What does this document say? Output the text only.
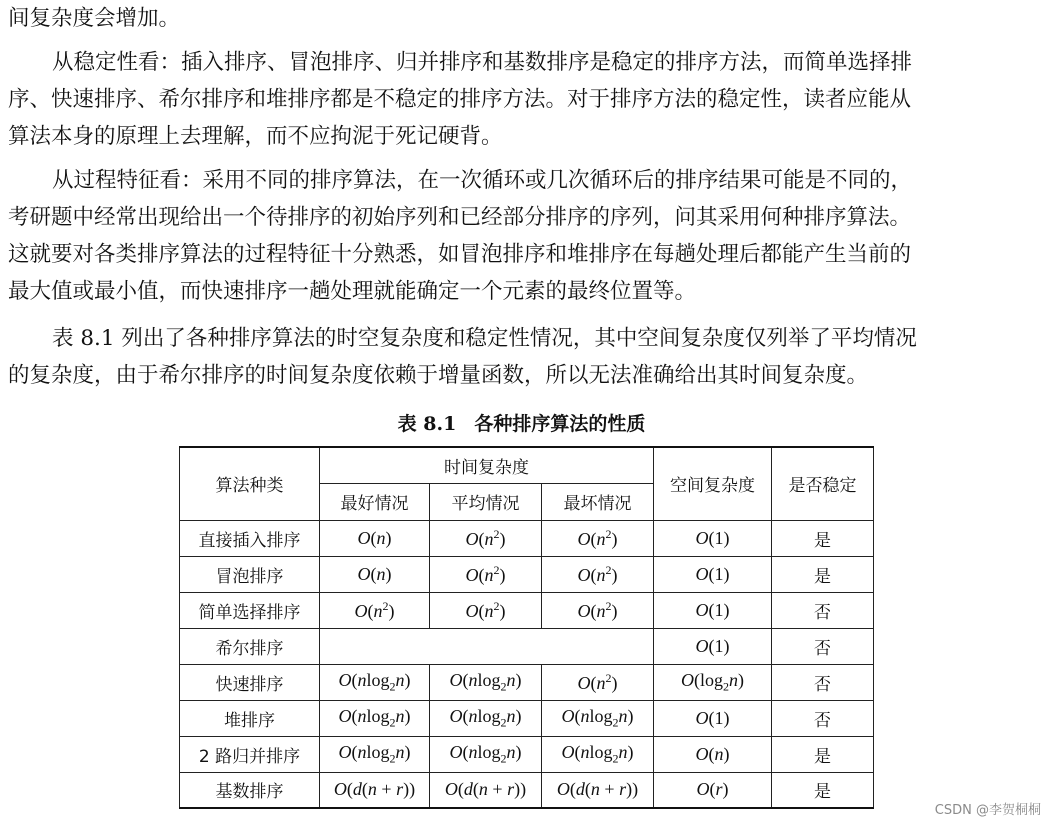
间复杂度会增加。
从稳定性看：插入排序、冒泡排序、归并排序和基数排序是稳定的排序方法，而简单选择排
序、快速排序、希尔排序和堆排序都是不稳定的排序方法。对于排序方法的稳定性，读者应能从
算法本身的原理上去理解，而不应拘泥于死记硬背。
从过程特征看：采用不同的排序算法，在一次循环或几次循环后的排序结果可能是不同的，
考研题中经常出现给出一个待排序的初始序列和已经部分排序的序列，问其采用何种排序算法。
这就要对各类排序算法的过程特征十分熟悉，如冒泡排序和堆排序在每趟处理后都能产生当前的
最大值或最小值，而快速排序一趟处理就能确定一个元素的最终位置等。
表 8.1 列出了各种排序算法的时空复杂度和稳定性情况，其中空间复杂度仅列举了平均情况
的复杂度，由于希尔排序的时间复杂度依赖于增量函数，所以无法准确给出其时间复杂度。
表 8.1 各种排序算法的性质
算法种类	时间复杂度			空间复杂度	是否稳定
	最好情况	平均情况	最坏情况		
直接插入排序	O(n)	$O(n^2)$	$O(n^2)$	O(1)	是
冒泡排序	O(n)	$O(n^2)$	$O(n^2)$	O(1)	是
简单选择排序	$O(n^2)$	$O(n^2)$	$O(n^2)$	O(1)	否
希尔排序				O(1)	否
快速排序	O(nlog$_2$n)	O(nlog$_2$n)	$O(n^2)$	$O(\log_2n)$	否
堆排序	O(nlog$_2$n)	O(nlog$_2$n)	O(nlog$_2$n)	O(1)	否
2 路归并排序	O(nlog$_2$n)	O(nlog$_2$n)	O(nlog$_2$n)	O(n)	是
基数排序	O(d(n + r))	O(d(n + r))	O(d(n + r))	O(r)	是
CSDN @李贺桐桐
